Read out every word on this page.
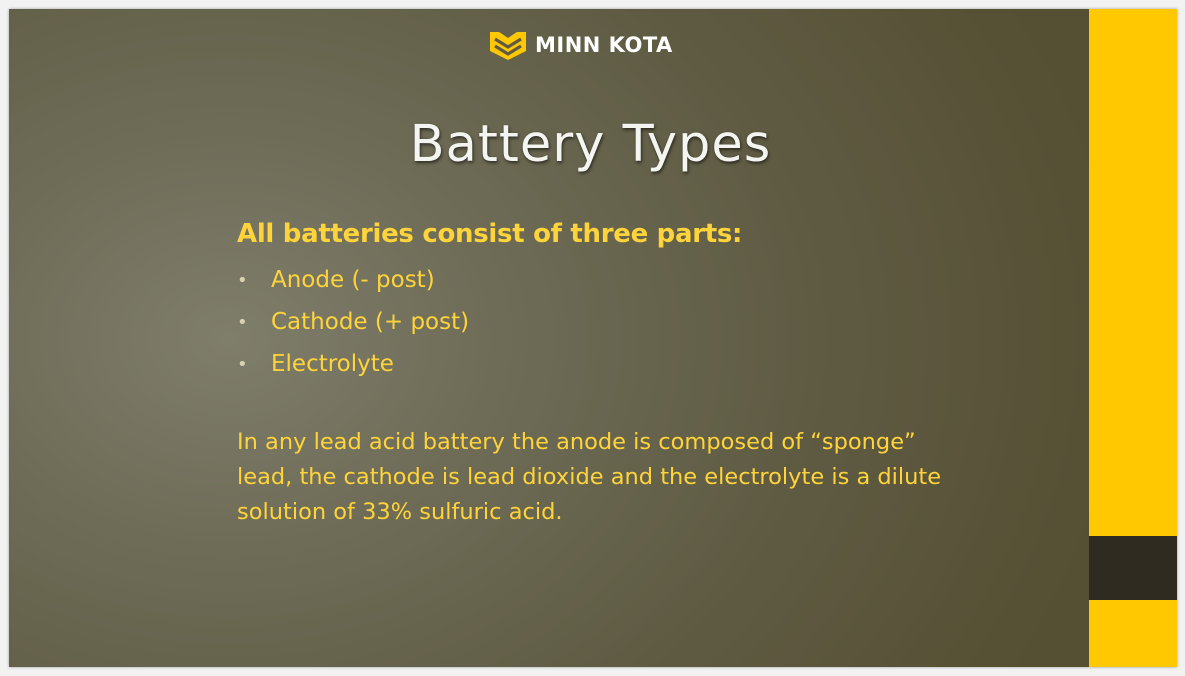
MINN KOTA
Battery Types
All batteries consist of three parts:
•	Anode (- post)
•	Cathode (+ post)
•	Electrolyte
In any lead acid battery the anode is composed of “sponge” lead, the cathode is lead dioxide and the electrolyte is a dilute solution of 33% sulfuric acid.
